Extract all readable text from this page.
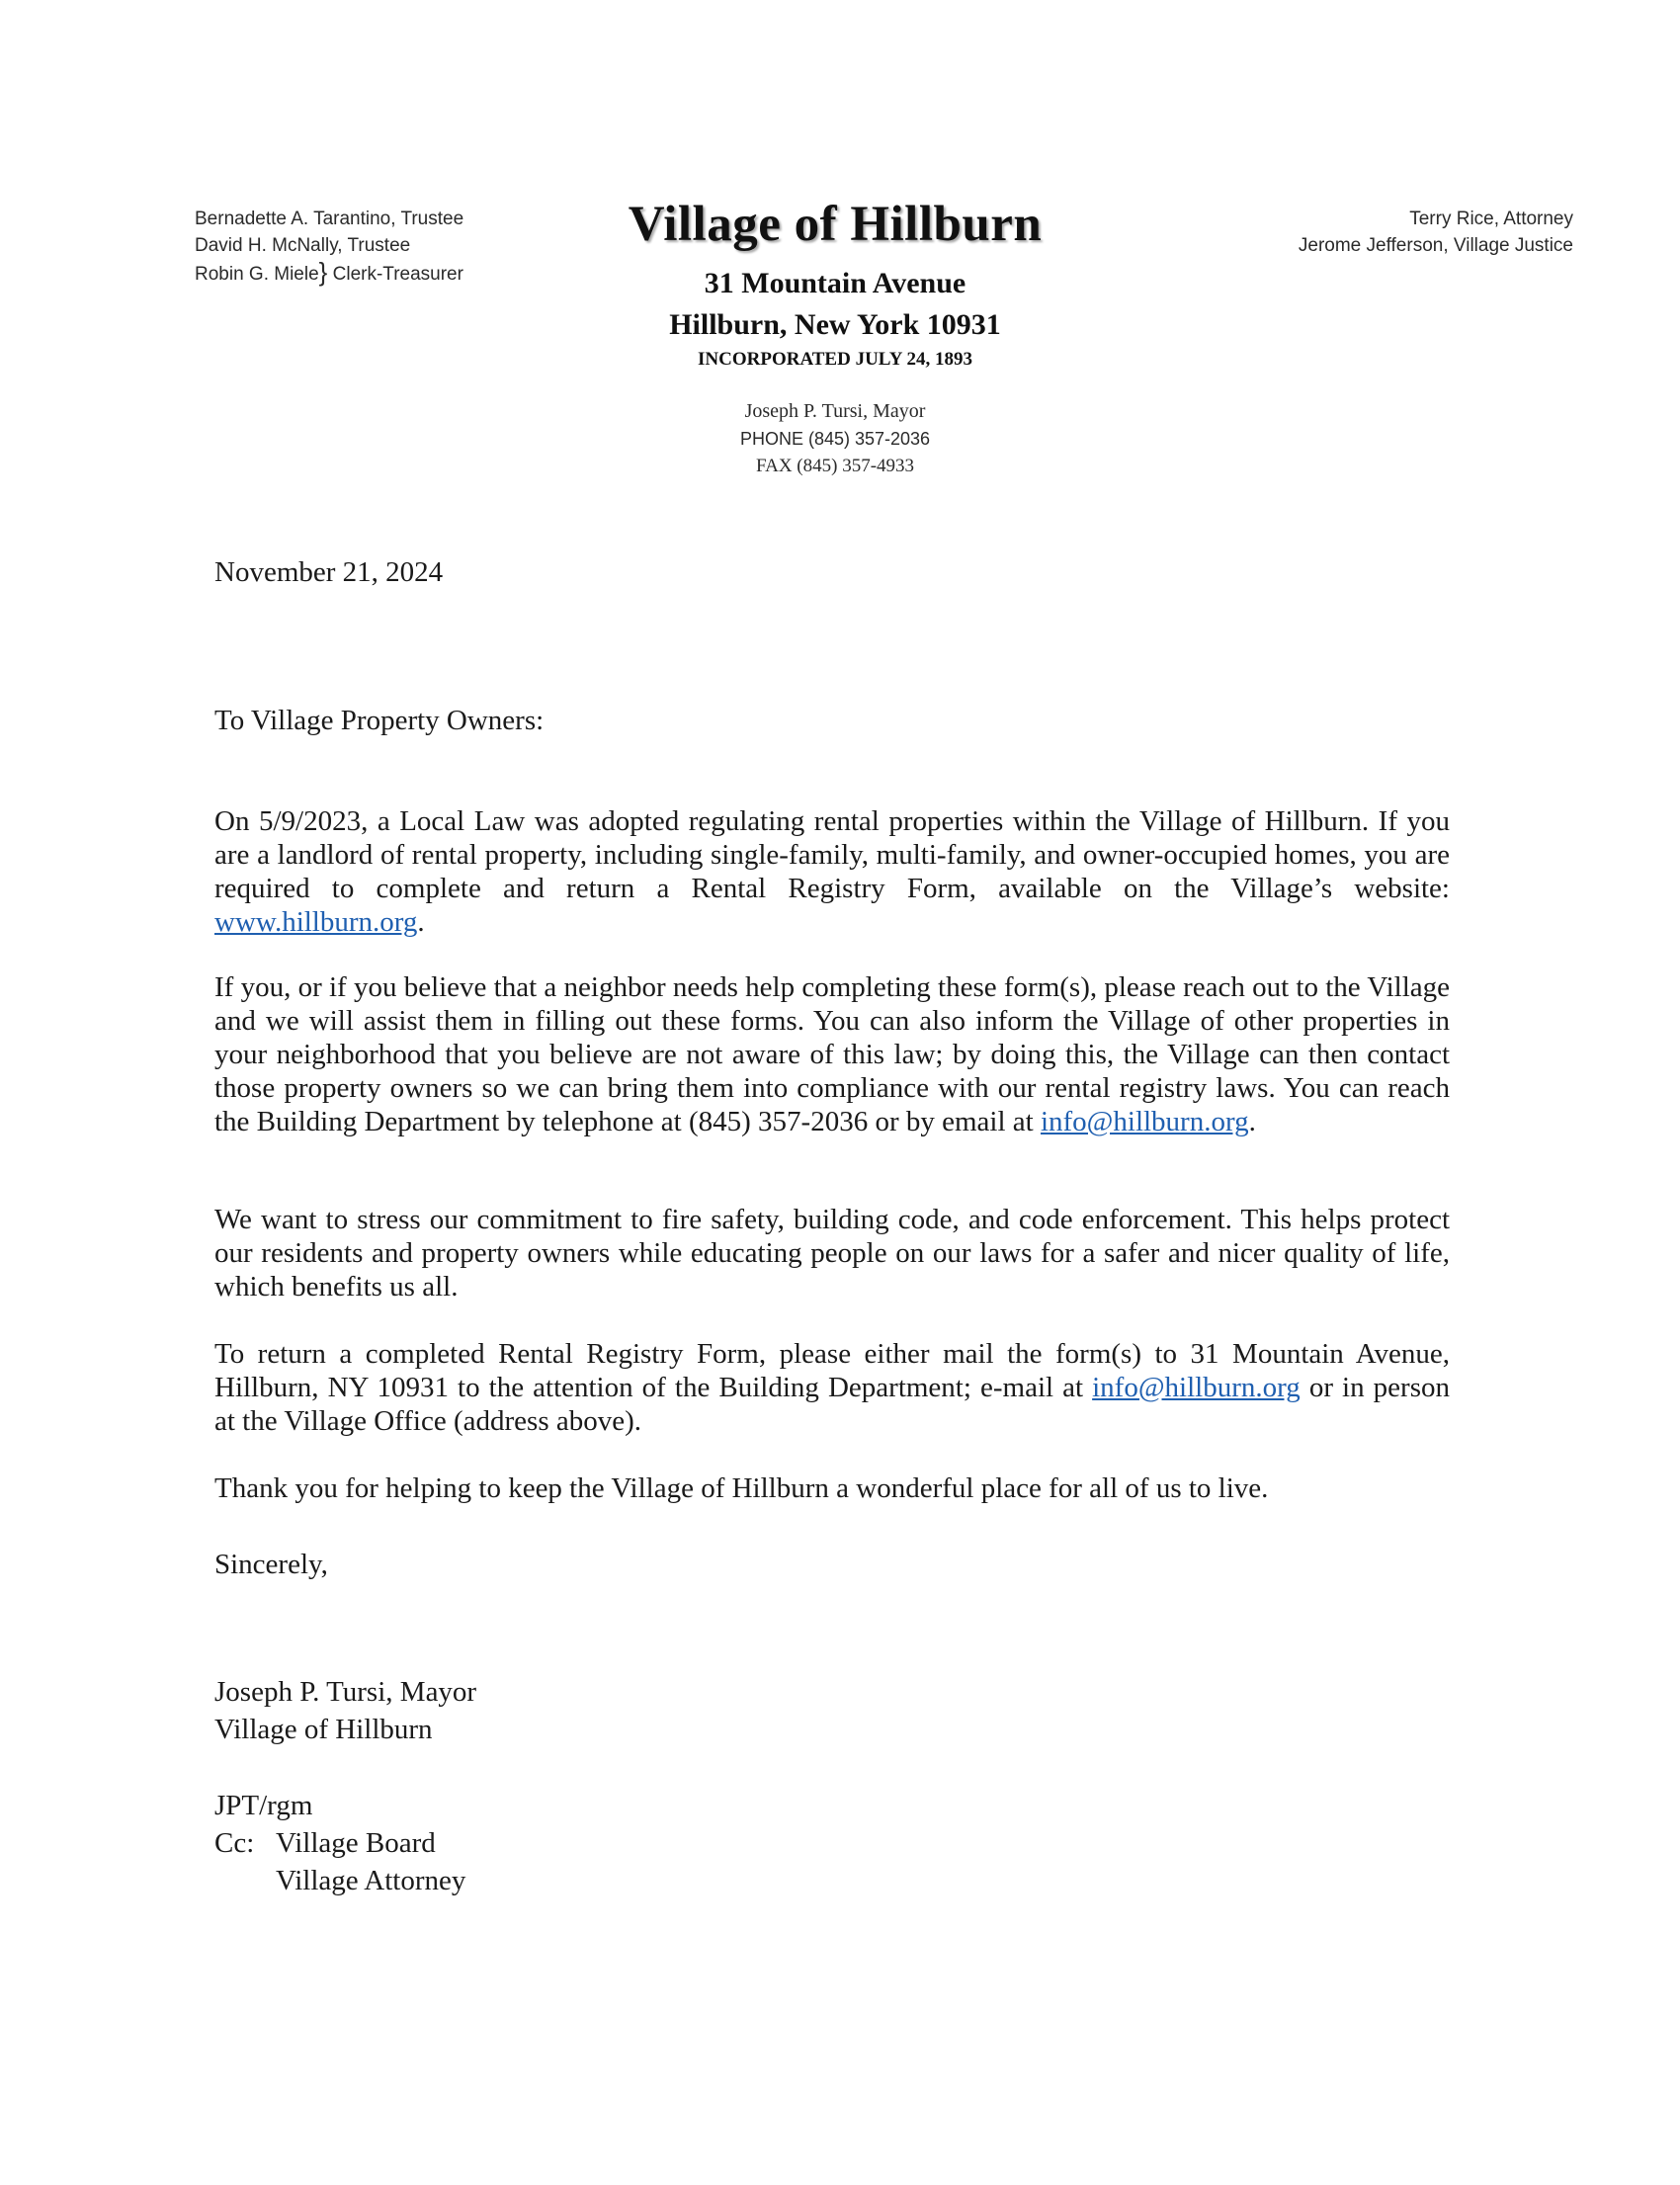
Bernadette A. Tarantino, Trustee
David H. McNally, Trustee
Robin G. Miele} Clerk-Treasurer
Terry Rice, Attorney
Jerome Jefferson, Village Justice
Village of Hillburn
31 Mountain Avenue
Hillburn, New York 10931
INCORPORATED JULY 24, 1893
Joseph P. Tursi, Mayor
PHONE (845) 357-2036
FAX (845) 357-4933
November 21, 2024
To Village Property Owners:

On 5/9/2023, a Local Law was adopted regulating rental properties within the Village of Hillburn. If you are a landlord of rental property, including single-family, multi-family, and owner-occupied homes, you are required to complete and return a Rental Registry Form, available on the Village’s website: www.hillburn.org.

If you, or if you believe that a neighbor needs help completing these form(s), please reach out to the Village and we will assist them in filling out these forms. You can also inform the Village of other properties in your neighborhood that you believe are not aware of this law; by doing this, the Village can then contact those property owners so we can bring them into compliance with our rental registry laws. You can reach the Building Department by telephone at (845) 357-2036 or by email at info@hillburn.org.

We want to stress our commitment to fire safety, building code, and code enforcement. This helps protect our residents and property owners while educating people on our laws for a safer and nicer quality of life, which benefits us all.

To return a completed Rental Registry Form, please either mail the form(s) to 31 Mountain Avenue, Hillburn, NY 10931 to the attention of the Building Department; e-mail at info@hillburn.org or in person at the Village Office (address above).

Thank you for helping to keep the Village of Hillburn a wonderful place for all of us to live.

Sincerely,
Joseph P. Tursi, Mayor
Village of Hillburn
JPT/rgm
Cc: Village Board
Village Attorney
